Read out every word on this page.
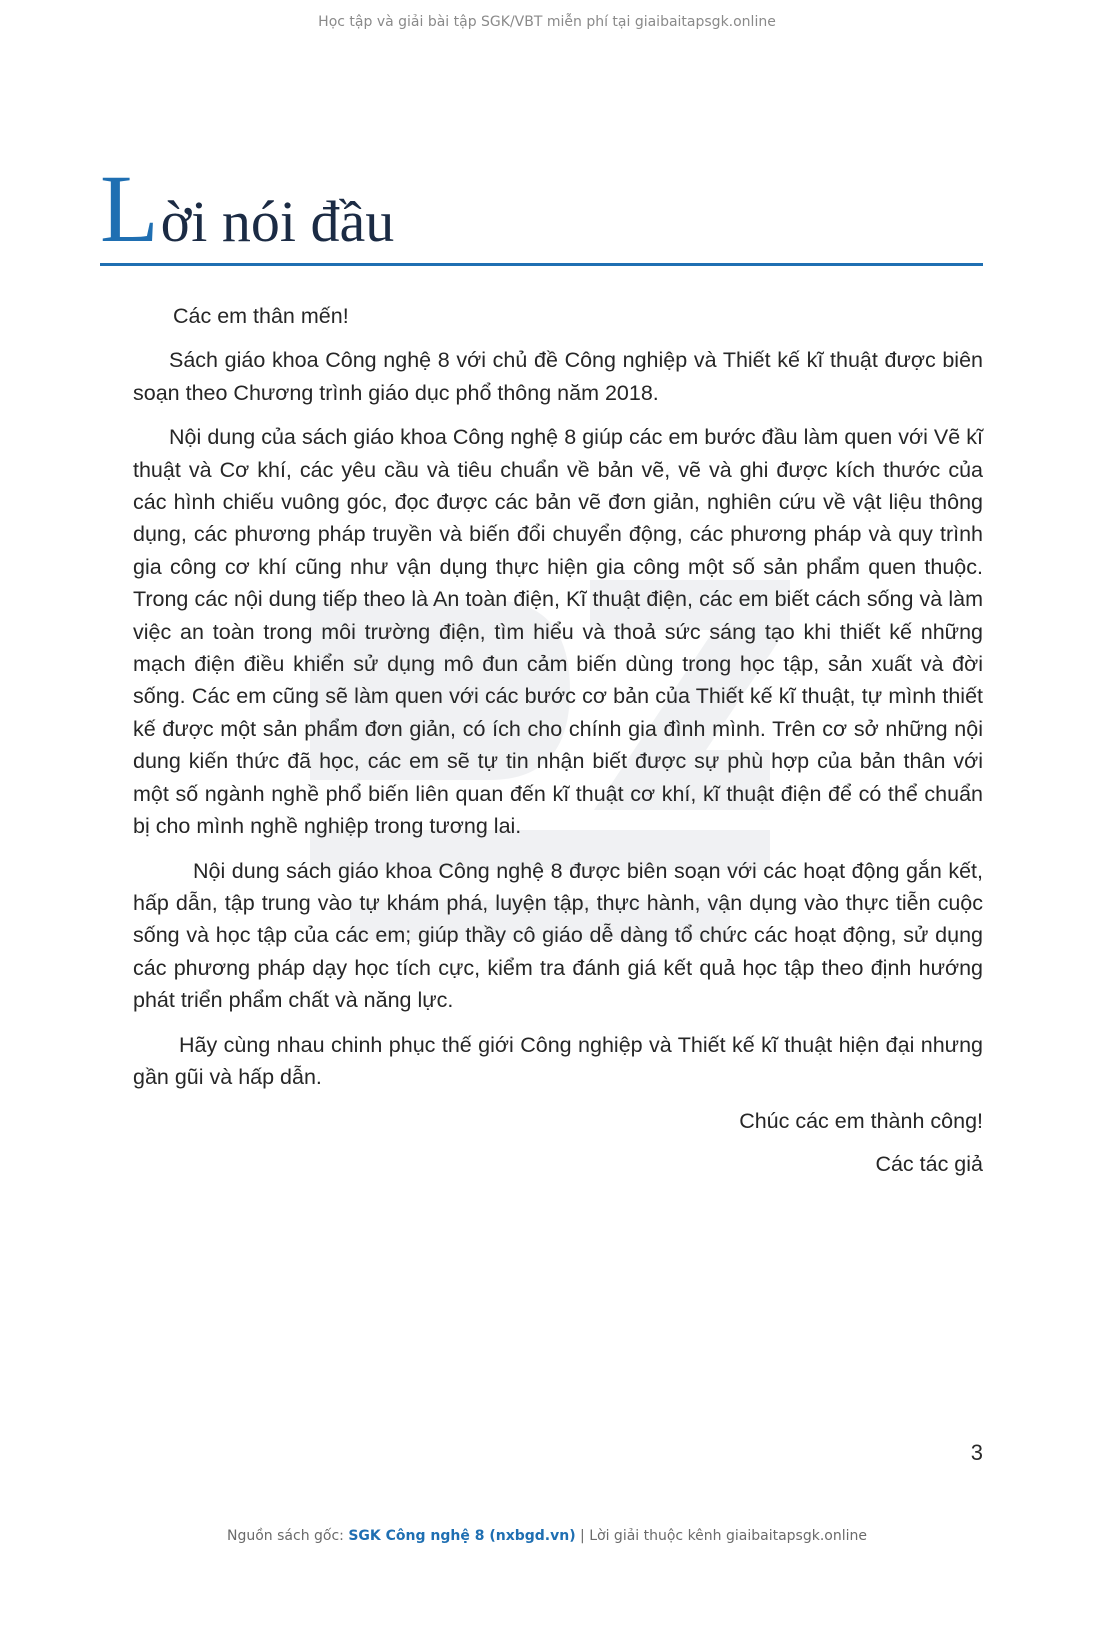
Học tập và giải bài tập SGK/VBT miễn phí tại giaibaitapsgk.online
Lời nói đầu

Các em thân mến!

Sách giáo khoa Công nghệ 8 với chủ đề Công nghiệp và Thiết kế kĩ thuật được biên soạn theo Chương trình giáo dục phổ thông năm 2018.

Nội dung của sách giáo khoa Công nghệ 8 giúp các em bước đầu làm quen với Vẽ kĩ thuật và Cơ khí, các yêu cầu và tiêu chuẩn về bản vẽ, vẽ và ghi được kích thước của các hình chiếu vuông góc, đọc được các bản vẽ đơn giản, nghiên cứu về vật liệu thông dụng, các phương pháp truyền và biến đổi chuyển động, các phương pháp và quy trình gia công cơ khí cũng như vận dụng thực hiện gia công một số sản phẩm quen thuộc. Trong các nội dung tiếp theo là An toàn điện, Kĩ thuật điện, các em biết cách sống và làm việc an toàn trong môi trường điện, tìm hiểu và thoả sức sáng tạo khi thiết kế những mạch điện điều khiển sử dụng mô đun cảm biến dùng trong học tập, sản xuất và đời sống. Các em cũng sẽ làm quen với các bước cơ bản của Thiết kế kĩ thuật, tự mình thiết kế được một sản phẩm đơn giản, có ích cho chính gia đình mình. Trên cơ sở những nội dung kiến thức đã học, các em sẽ tự tin nhận biết được sự phù hợp của bản thân với một số ngành nghề phổ biến liên quan đến kĩ thuật cơ khí, kĩ thuật điện để có thể chuẩn bị cho mình nghề nghiệp trong tương lai.

Nội dung sách giáo khoa Công nghệ 8 được biên soạn với các hoạt động gắn kết, hấp dẫn, tập trung vào tự khám phá, luyện tập, thực hành, vận dụng vào thực tiễn cuộc sống và học tập của các em; giúp thầy cô giáo dễ dàng tổ chức các hoạt động, sử dụng các phương pháp dạy học tích cực, kiểm tra đánh giá kết quả học tập theo định hướng phát triển phẩm chất và năng lực.

Hãy cùng nhau chinh phục thế giới Công nghiệp và Thiết kế kĩ thuật hiện đại nhưng gần gũi và hấp dẫn.

Chúc các em thành công!

Các tác giả

3
Nguồn sách gốc: SGK Công nghệ 8 (nxbgd.vn) | Lời giải thuộc kênh giaibaitapsgk.online
